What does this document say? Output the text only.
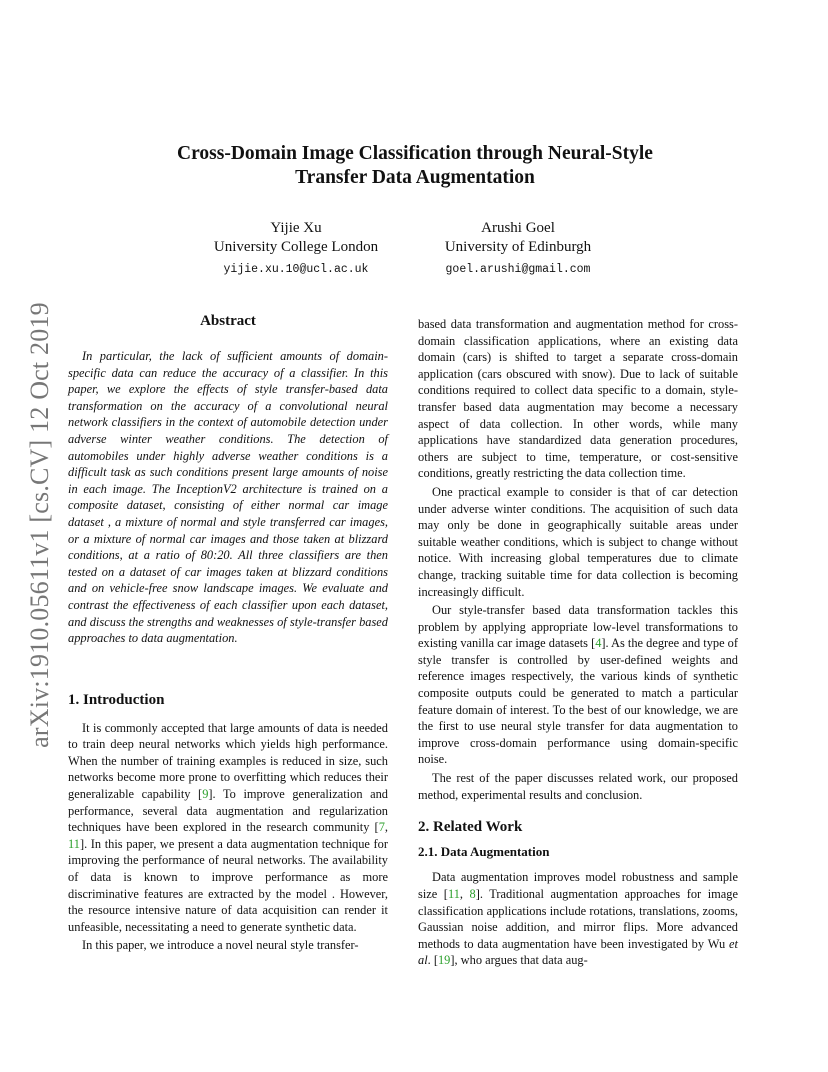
arXiv:1910.05611v1 [cs.CV] 12 Oct 2019
Cross-Domain Image Classification through Neural-Style
Transfer Data Augmentation
Yijie Xu
University College London
yijie.xu.10@ucl.ac.uk
Arushi Goel
University of Edinburgh
goel.arushi@gmail.com
Abstract

In particular, the lack of sufficient amounts of domain-specific data can reduce the accuracy of a classifier. In this paper, we explore the effects of style transfer-based data transformation on the accuracy of a convolutional neural network classifiers in the context of automobile detection under adverse winter weather conditions. The detection of automobiles under highly adverse weather conditions is a difficult task as such conditions present large amounts of noise in each image. The InceptionV2 architecture is trained on a composite dataset, consisting of either normal car image dataset , a mixture of normal and style transferred car images, or a mixture of normal car images and those taken at blizzard conditions, at a ratio of 80:20. All three classifiers are then tested on a dataset of car images taken at blizzard conditions and on vehicle-free snow landscape images. We evaluate and contrast the effectiveness of each classifier upon each dataset, and discuss the strengths and weaknesses of style-transfer based approaches to data augmentation.

1. Introduction

It is commonly accepted that large amounts of data is needed to train deep neural networks which yields high performance. When the number of training examples is reduced in size, such networks become more prone to overfitting which reduces their generalizable capability [9]. To improve generalization and performance, several data augmentation and regularization techniques have been explored in the research community [7, 11]. In this paper, we present a data augmentation technique for improving the performance of neural networks. The availability of data is known to improve performance as more discriminative features are extracted by the model . However, the resource intensive nature of data acquisition can render it unfeasible, necessitating a need to generate synthetic data.

In this paper, we introduce a novel neural style transfer-

based data transformation and augmentation method for cross-domain classification applications, where an existing data domain (cars) is shifted to target a separate cross-domain application (cars obscured with snow). Due to lack of suitable conditions required to collect data specific to a domain, style-transfer based data augmentation may become a necessary aspect of data collection. In other words, while many applications have standardized data generation procedures, others are subject to time, temperature, or cost-sensitive conditions, greatly restricting the data collection time.

One practical example to consider is that of car detection under adverse winter conditions. The acquisition of such data may only be done in geographically suitable areas under suitable weather conditions, which is subject to change without notice. With increasing global temperatures due to climate change, tracking suitable time for data collection is becoming increasingly difficult.

Our style-transfer based data transformation tackles this problem by applying appropriate low-level transformations to existing vanilla car image datasets [4]. As the degree and type of style transfer is controlled by user-defined weights and reference images respectively, the various kinds of synthetic composite outputs could be generated to match a particular feature domain of interest. To the best of our knowledge, we are the first to use neural style transfer for data augmentation to improve cross-domain performance using domain-specific noise.

The rest of the paper discusses related work, our proposed method, experimental results and conclusion.

2. Related Work
2.1. Data Augmentation

Data augmentation improves model robustness and sample size [11, 8]. Traditional augmentation approaches for image classification applications include rotations, translations, zooms, Gaussian noise addition, and mirror flips. More advanced methods to data augmentation have been investigated by Wu et al. [19], who argues that data aug-
